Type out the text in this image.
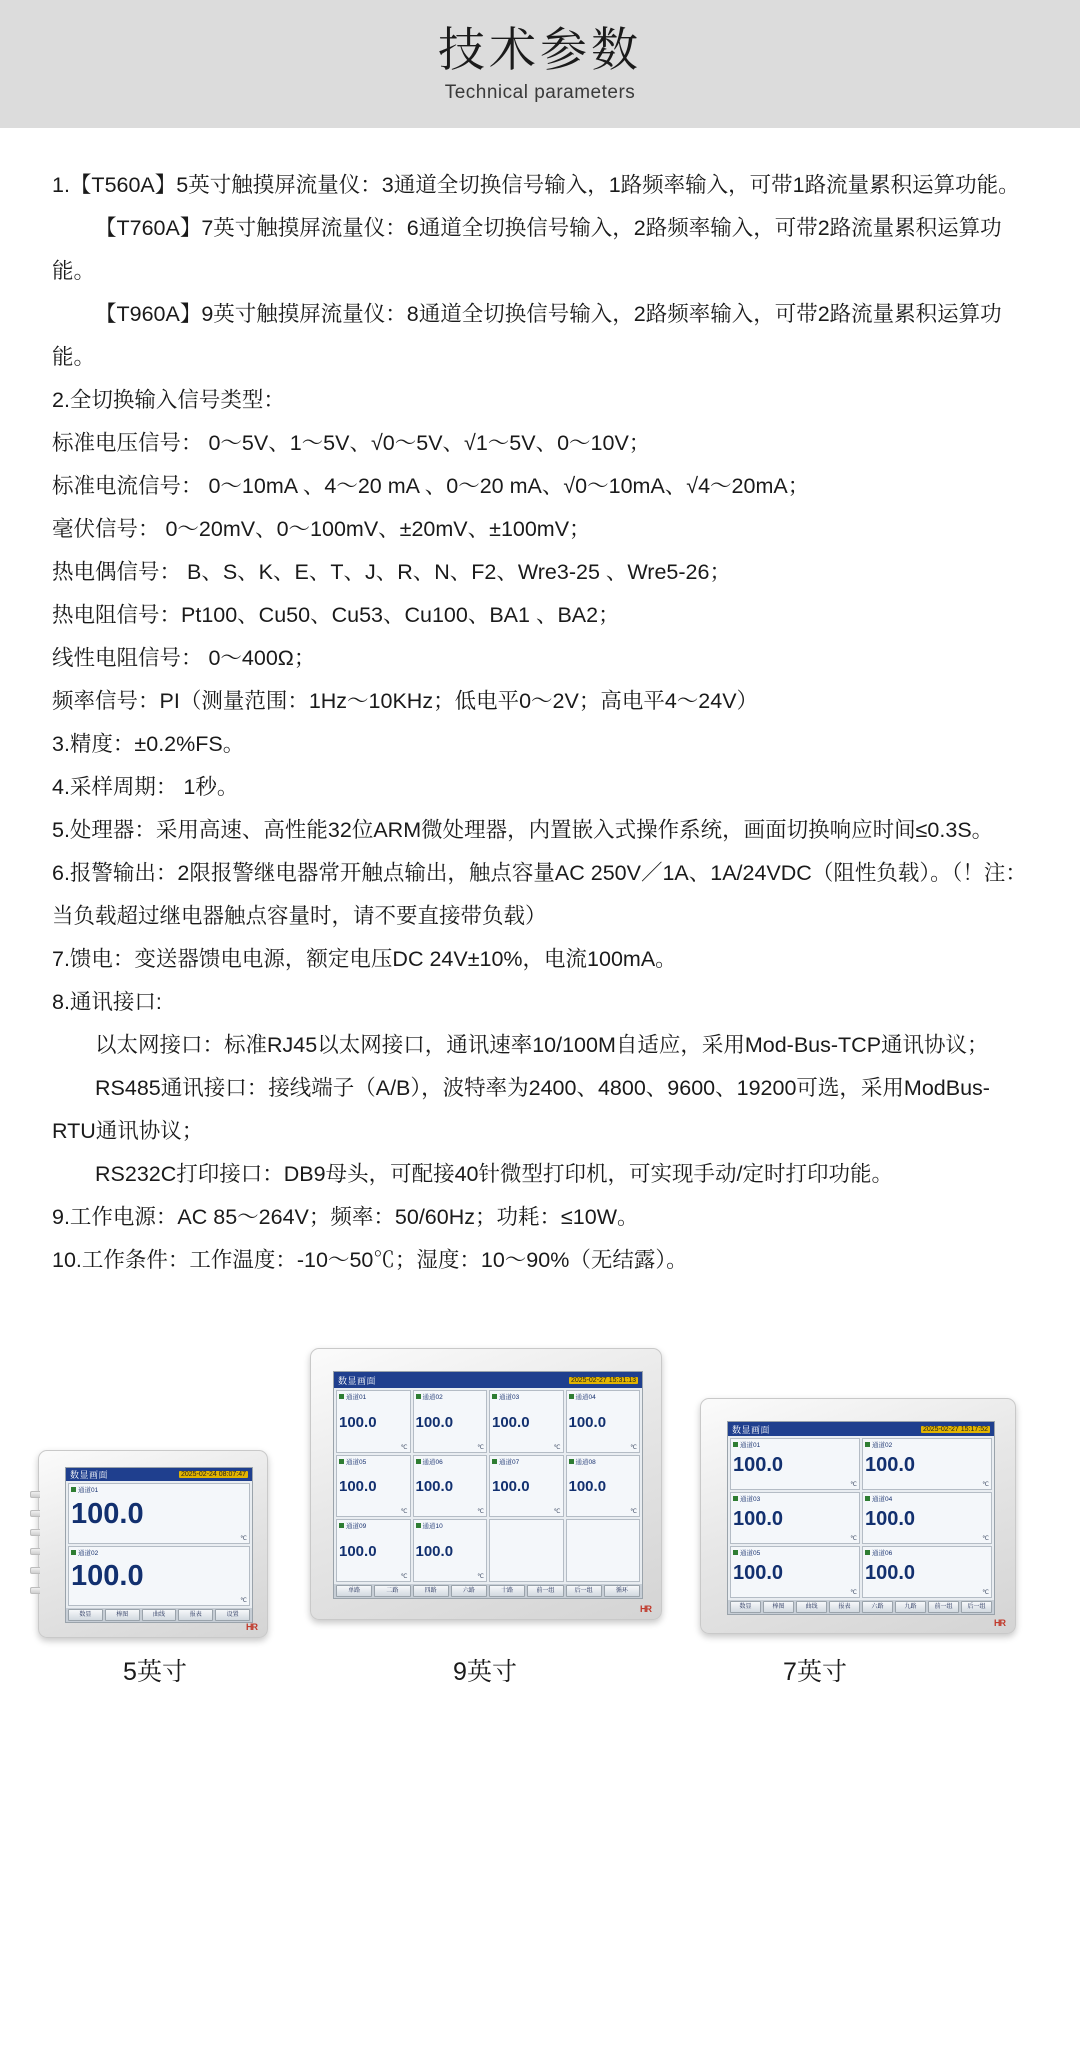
技术参数
Technical parameters

1.【T560A】5英寸触摸屏流量仪：3通道全切换信号输入，1路频率输入，可带1路流量累积运算功能。

【T760A】7英寸触摸屏流量仪：6通道全切换信号输入，2路频率输入，可带2路流量累积运算功能。

【T960A】9英寸触摸屏流量仪：8通道全切换信号输入，2路频率输入，可带2路流量累积运算功能。

2.全切换输入信号类型：

标准电压信号： 0～5V、1～5V、√0～5V、√1～5V、0～10V；

标准电流信号： 0～10mA 、4～20 mA 、0～20 mA、√0～10mA、√4～20mA；

毫伏信号： 0～20mV、0～100mV、±20mV、±100mV；

热电偶信号： B、S、K、E、T、J、R、N、F2、Wre3-25 、Wre5-26；

热电阻信号：Pt100、Cu50、Cu53、Cu100、BA1 、BA2；

线性电阻信号： 0～400Ω；

频率信号：PI（测量范围：1Hz～10KHz；低电平0～2V；高电平4～24V）

3.精度：±0.2%FS。

4.采样周期： 1秒。

5.处理器：采用高速、高性能32位ARM微处理器，内置嵌入式操作系统，画面切换响应时间≤0.3S。

6.报警输出：2限报警继电器常开触点输出，触点容量AC 250V／1A、1A/24VDC（阻性负载）。（！注：当负载超过继电器触点容量时，请不要直接带负载）

7.馈电：变送器馈电电源，额定电压DC 24V±10%，电流100mA。

8.通讯接口:

以太网接口：标准RJ45以太网接口，通讯速率10/100M自适应，采用Mod-Bus-TCP通讯协议；

RS485通讯接口：接线端子（A/B），波特率为2400、4800、9600、19200可选，采用ModBus-RTU通讯协议；

RS232C打印接口：DB9母头，可配接40针微型打印机，可实现手动/定时打印功能。

9.工作电源：AC 85～264V；频率：50/60Hz；功耗：≤10W。

10.工作条件：工作温度：-10～50℃；湿度：10～90%（无结露）。

数显画面	2025-02-24 08:07:47
通道01
100.0
℃
通道02
100.0
℃
数显	棒图	曲线	报表	设置
HR
5英寸
数显画面	2025-02-27 15:31:13
通道01
100.0
℃
通道02
100.0
℃
通道03
100.0
℃
通道04
100.0
℃
通道05
100.0
℃
通道06
100.0
℃
通道07
100.0
℃
通道08
100.0
℃
通道09
100.0
℃
通道10
100.0
℃
单路	二路	四路	六路	十路	前一组	后一组	循环
HR
9英寸
数显画面	2025-02-27 15:17:52
通道01
100.0
℃
通道02
100.0
℃
通道03
100.0
℃
通道04
100.0
℃
通道05
100.0
℃
通道06
100.0
℃
数显	棒图	曲线	报表	六路	九路	前一组	后一组
HR
7英寸
